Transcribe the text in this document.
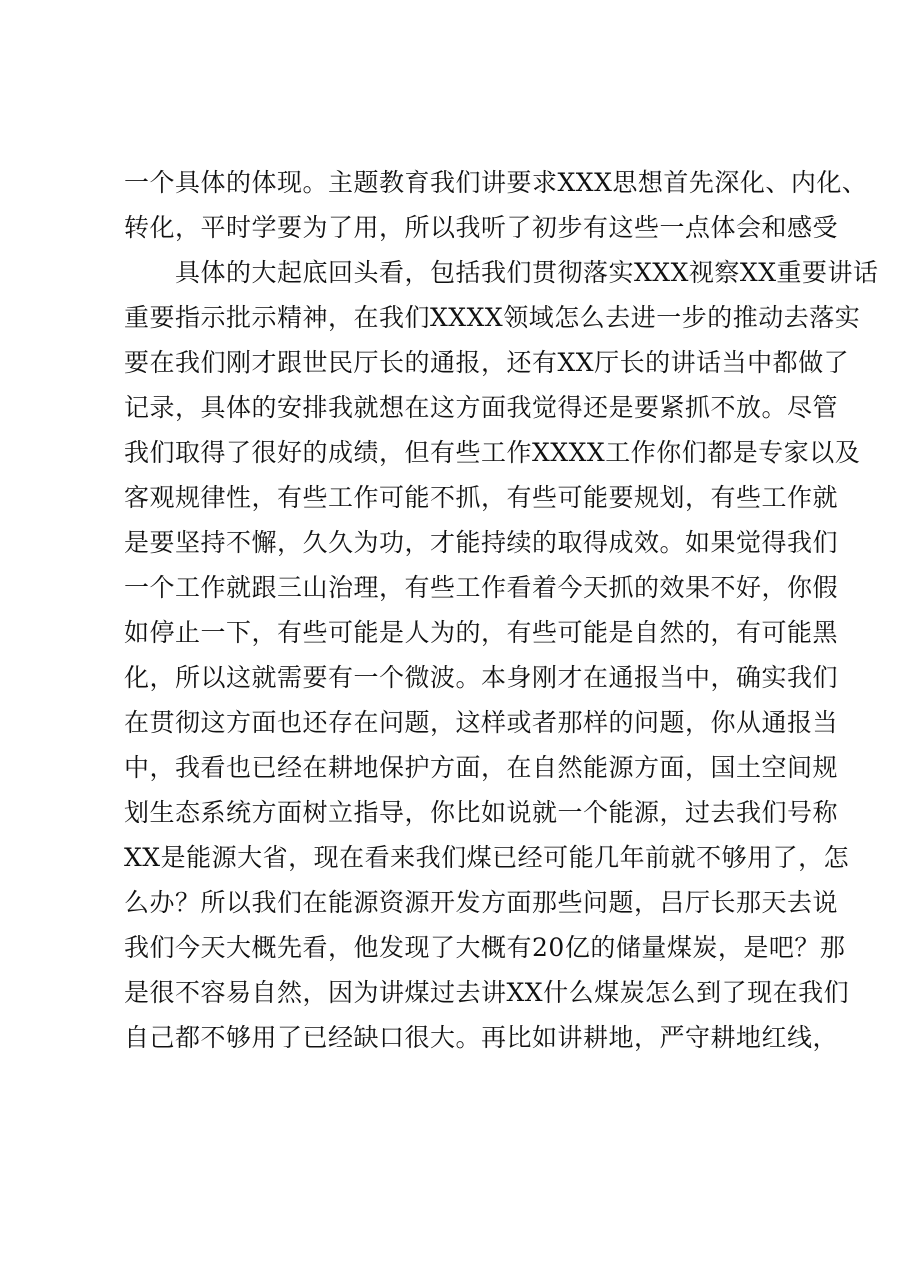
一个具体的体现。主题教育我们讲要求XXX思想首先深化、内化、
转化，平时学要为了用，所以我听了初步有这些一点体会和感受
具体的大起底回头看，包括我们贯彻落实XXX视察XX重要讲话
重要指示批示精神，在我们XXXX领域怎么去进一步的推动去落实
要在我们刚才跟世民厅长的通报，还有XX厅长的讲话当中都做了
记录，具体的安排我就想在这方面我觉得还是要紧抓不放。尽管
我们取得了很好的成绩，但有些工作XXXX工作你们都是专家以及
客观规律性，有些工作可能不抓，有些可能要规划，有些工作就
是要坚持不懈，久久为功，才能持续的取得成效。如果觉得我们
一个工作就跟三山治理，有些工作看着今天抓的效果不好，你假
如停止一下，有些可能是人为的，有些可能是自然的，有可能黑
化，所以这就需要有一个微波。本身刚才在通报当中，确实我们
在贯彻这方面也还存在问题，这样或者那样的问题，你从通报当
中，我看也已经在耕地保护方面，在自然能源方面，国土空间规
划生态系统方面树立指导，你比如说就一个能源，过去我们号称
XX是能源大省，现在看来我们煤已经可能几年前就不够用了，怎
么办？所以我们在能源资源开发方面那些问题，吕厅长那天去说
我们今天大概先看，他发现了大概有20亿的储量煤炭，是吧？那
是很不容易自然，因为讲煤过去讲XX什么煤炭怎么到了现在我们
自己都不够用了已经缺口很大。再比如讲耕地，严守耕地红线，
